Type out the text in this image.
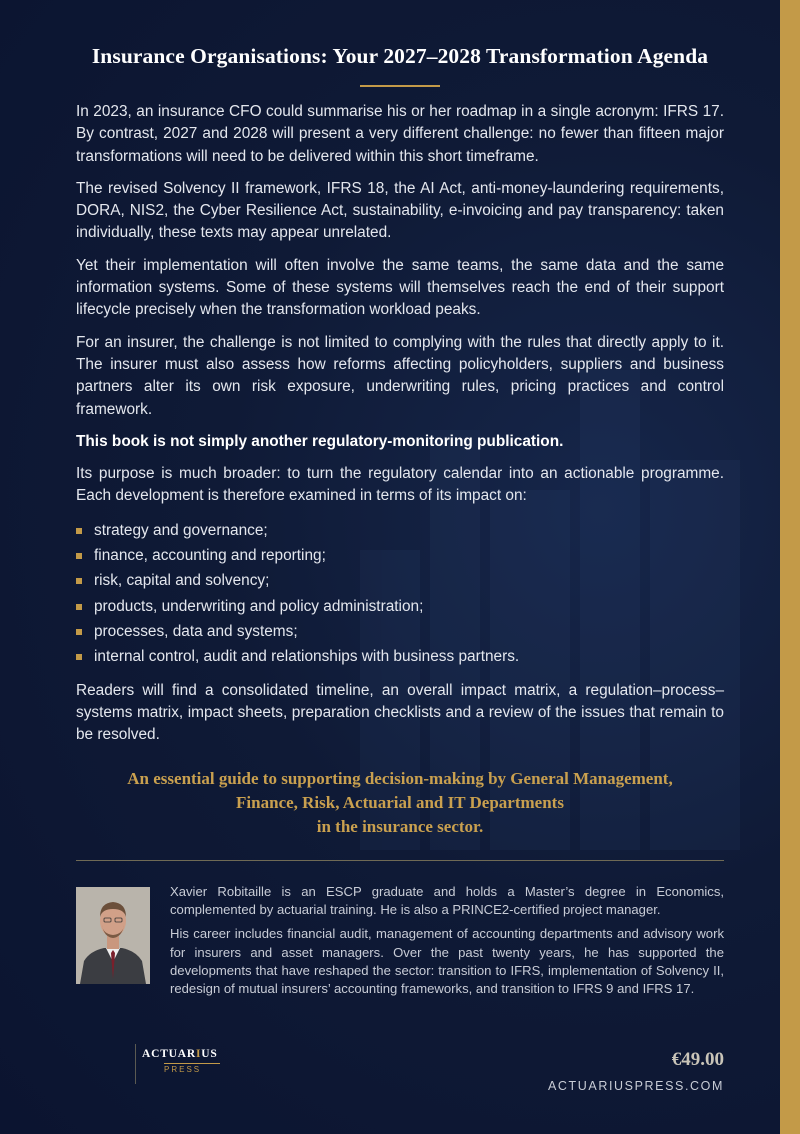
Insurance Organisations: Your 2027–2028 Transformation Agenda

In 2023, an insurance CFO could summarise his or her roadmap in a single acronym: IFRS 17. By contrast, 2027 and 2028 will present a very different challenge: no fewer than fifteen major transformations will need to be delivered within this short timeframe.

The revised Solvency II framework, IFRS 18, the AI Act, anti-money-laundering requirements, DORA, NIS2, the Cyber Resilience Act, sustainability, e-invoicing and pay transparency: taken individually, these texts may appear unrelated.

Yet their implementation will often involve the same teams, the same data and the same information systems. Some of these systems will themselves reach the end of their support lifecycle precisely when the transformation workload peaks.

For an insurer, the challenge is not limited to complying with the rules that directly apply to it. The insurer must also assess how reforms affecting policyholders, suppliers and business partners alter its own risk exposure, underwriting rules, pricing practices and control framework.

This book is not simply another regulatory-monitoring publication.

Its purpose is much broader: to turn the regulatory calendar into an actionable programme. Each development is therefore examined in terms of its impact on:

strategy and governance;
finance, accounting and reporting;
risk, capital and solvency;
products, underwriting and policy administration;
processes, data and systems;
internal control, audit and relationships with business partners.

Readers will find a consolidated timeline, an overall impact matrix, a regulation–process–systems matrix, impact sheets, preparation checklists and a review of the issues that remain to be resolved.

An essential guide to supporting decision-making by General Management,
Finance, Risk, Actuarial and IT Departments
in the insurance sector.

Xavier Robitaille is an ESCP graduate and holds a Master’s degree in Economics, complemented by actuarial training. He is also a PRINCE2-certified project manager.

His career includes financial audit, management of accounting departments and advisory work for insurers and asset managers. Over the past twenty years, he has supported the developments that have reshaped the sector: transition to IFRS, implementation of Solvency II, redesign of mutual insurers’ accounting frameworks, and transition to IFRS 9 and IFRS 17.

ACTUARIUS
PRESS	€49.00
ACTUARIUSPRESS.COM
